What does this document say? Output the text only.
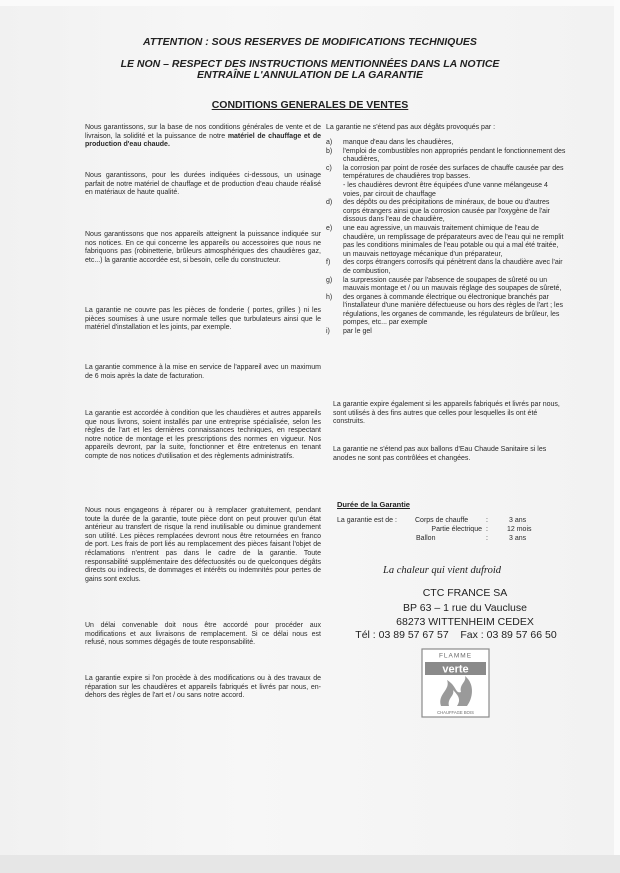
ATTENTION : SOUS RESERVES DE MODIFICATIONS TECHNIQUES
LE NON – RESPECT DES INSTRUCTIONS MENTIONNÉES DANS LA NOTICE
ENTRAÎNE L'ANNULATION DE LA GARANTIE
CONDITIONS GENERALES DE VENTES
Nous garantissons, sur la base de nos conditions générales de vente et de livraison, la solidité et la puissance de notre matériel de chauffage et de production d'eau chaude.
Nous garantissons, pour les durées indiquées ci-dessous, un usinage parfait de notre matériel de chauffage et de production d'eau chaude réalisé en matériaux de haute qualité.
Nous garantissons que nos appareils atteignent la puissance indiquée sur nos notices. En ce qui concerne les appareils ou accessoires que nous ne fabriquons pas (robinetterie, brûleurs atmosphériques des chaudières gaz, etc...) la garantie accordée est, si besoin, celle du constructeur.
La garantie ne couvre pas les pièces de fonderie ( portes, grilles ) ni les pièces soumises à une usure normale telles que turbulateurs ainsi que le matériel d'installation et les joints, par exemple.
La garantie commence à la mise en service de l'appareil avec un maximum de 6 mois après la date de facturation.
La garantie est accordée à condition que les chaudières et autres appareils que nous livrons, soient installés par une entreprise spécialisée, selon les règles de l'art et les dernières connaissances techniques, en respectant notre notice de montage et les prescriptions des normes en vigueur. Nos appareils devront, par la suite, fonctionner et être entretenus en tenant compte de nos notices d'utilisation et des règlements administratifs.
Nous nous engageons à réparer ou à remplacer gratuitement, pendant toute la durée de la garantie, toute pièce dont on peut prouver qu'un état antérieur au transfert de risque la rend inutilisable ou diminue grandement son utilité. Les pièces remplacées devront nous être retournées en franco de port. Les frais de port liés au remplacement des pièces faisant l'objet de réclamations n'entrent pas dans le cadre de la garantie. Toute responsabilité supplémentaire des défectuosités ou de quelconques dégâts directs ou indirects, de dommages et intérêts ou indemnités pour pertes de gains sont exclus.
Un délai convenable doit nous être accordé pour procéder aux modifications et aux livraisons de remplacement. Si ce délai nous est refusé, nous sommes dégagés de toute responsabilité.
La garantie expire si l'on procède à des modifications ou à des travaux de réparation sur les chaudières et appareils fabriqués et livrés par nous, en-dehors des règles de l'art et / ou sans notre accord.
La garantie ne s'étend pas aux dégâts provoqués par :
a)	manque d'eau dans les chaudières,
b)	l'emploi de combustibles non appropriés pendant le fonctionnement des chaudières,
c)	la corrosion par point de rosée des surfaces de chauffe causée par des températures de chaudières trop basses.
- les chaudières devront être équipées d'une vanne mélangeuse 4 voies, par circuit de chauffage
d)	des dépôts ou des précipitations de minéraux, de boue ou d'autres corps étrangers ainsi que la corrosion causée par l'oxygène de l'air dissous dans l'eau de chaudière,
e)	une eau agressive, un mauvais traitement chimique de l'eau de chaudière, un remplissage de préparateurs avec de l'eau qui ne remplit pas les conditions minimales de l'eau potable ou qui a mal été traitée, un mauvais nettoyage mécanique d'un préparateur,
f)	des corps étrangers corrosifs qui pénètrent dans la chaudière avec l'air de combustion,
g)	la surpression causée par l'absence de soupapes de sûreté ou un mauvais montage et / ou un mauvais réglage des soupapes de sûreté,
h)	des organes à commande électrique ou électronique branchés par l'installateur d'une manière défectueuse ou hors des règles de l'art ; les régulations, les organes de commande, les régulateurs de brûleur, les pompes, etc... par exemple
i)	par le gel
La garantie expire également si les appareils fabriqués et livrés par nous, sont utilisés à des fins autres que celles pour lesquelles ils ont été construits.
La garantie ne s'étend pas aux ballons d'Eau Chaude Sanitaire si les anodes ne sont pas contrôlées et changées.
Durée de la Garantie
La garantie est de :	Corps de chauffe	:	3 ans
Partie électrique :	12 mois
Ballon	:	3 ans
La chaleur qui vient dufroid
CTC FRANCE SA
BP 63 – 1 rue du Vaucluse
68273 WITTENHEIM CEDEX
Tél : 03 89 57 67 57    Fax : 03 89 57 66 50
FLAMME
verte
CHAUFFAGE BOIS
